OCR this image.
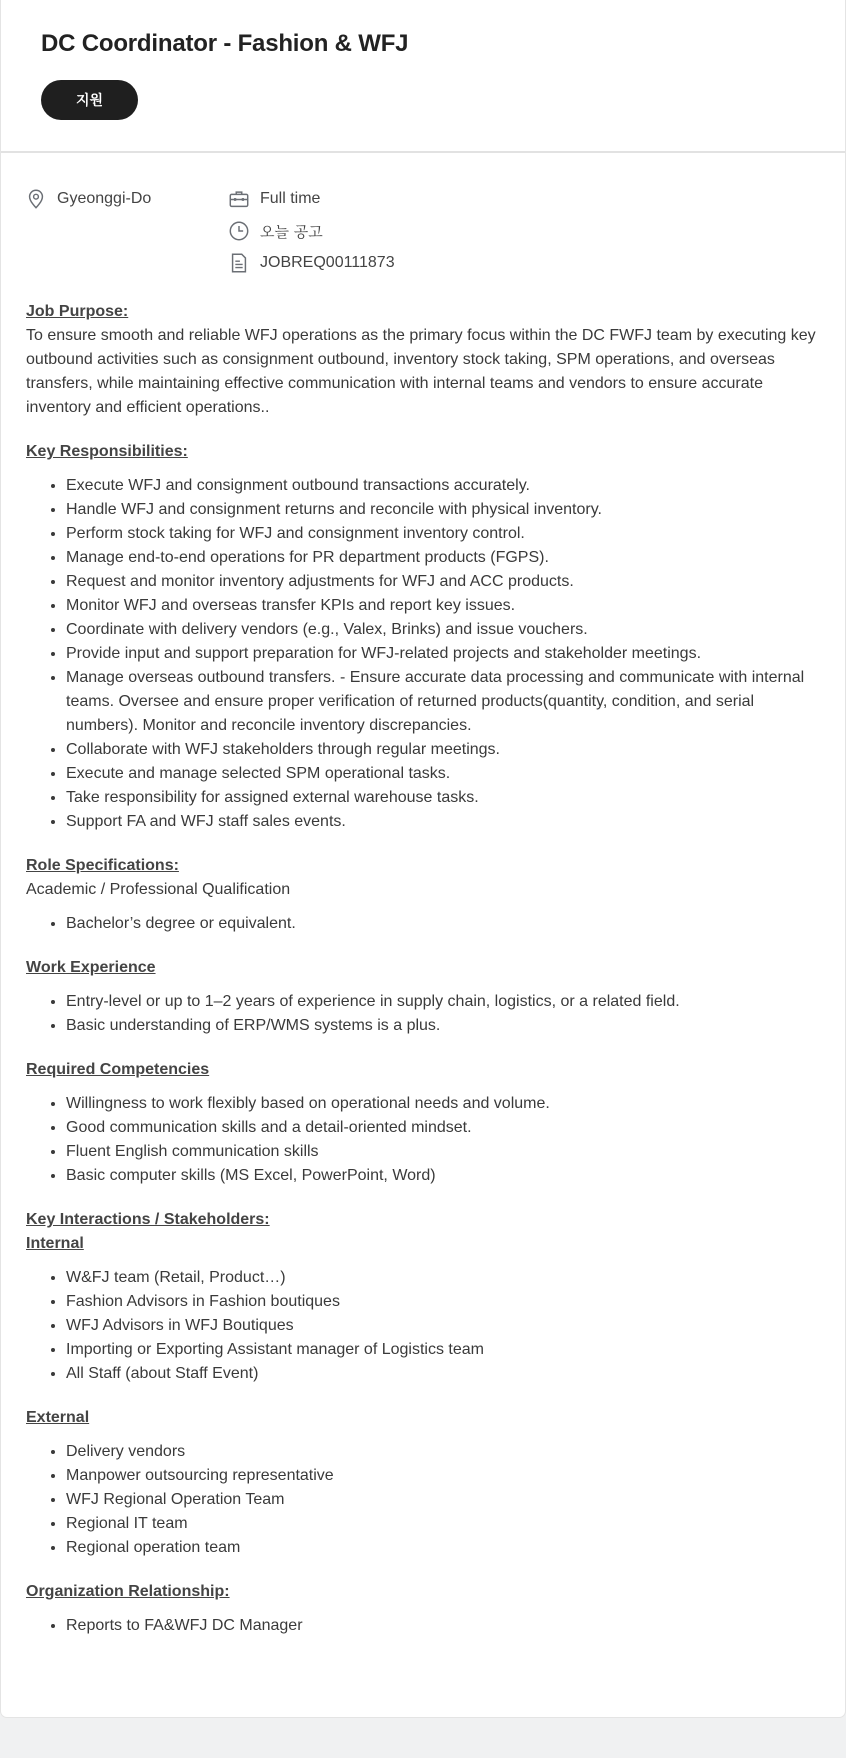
DC Coordinator - Fashion & WFJ
지원
Gyeonggi-Do	Full time
오늘 공고
JOBREQ00111873
Job Purpose:

To ensure smooth and reliable WFJ operations as the primary focus within the DC FWFJ team by executing key outbound activities such as consignment outbound, inventory stock taking, SPM operations, and overseas transfers, while maintaining effective communication with internal teams and vendors to ensure accurate inventory and efficient operations..

Key Responsibilities:
• Execute WFJ and consignment outbound transactions accurately.
• Handle WFJ and consignment returns and reconcile with physical inventory.
• Perform stock taking for WFJ and consignment inventory control.
• Manage end-to-end operations for PR department products (FGPS).
• Request and monitor inventory adjustments for WFJ and ACC products.
• Monitor WFJ and overseas transfer KPIs and report key issues.
• Coordinate with delivery vendors (e.g., Valex, Brinks) and issue vouchers.
• Provide input and support preparation for WFJ-related projects and stakeholder meetings.
• Manage overseas outbound transfers. - Ensure accurate data processing and communicate with internal teams. Oversee and ensure proper verification of returned products(quantity, condition, and serial numbers). Monitor and reconcile inventory discrepancies.
• Collaborate with WFJ stakeholders through regular meetings.
• Execute and manage selected SPM operational tasks.
• Take responsibility for assigned external warehouse tasks.
• Support FA and WFJ staff sales events.
Role Specifications:

Academic / Professional Qualification

• Bachelor’s degree or equivalent.
Work Experience
• Entry-level or up to 1–2 years of experience in supply chain, logistics, or a related field.
• Basic understanding of ERP/WMS systems is a plus.
Required Competencies
• Willingness to work flexibly based on operational needs and volume.
• Good communication skills and a detail-oriented mindset.
• Fluent English communication skills
• Basic computer skills (MS Excel, PowerPoint, Word)
Key Interactions / Stakeholders:
Internal
• W&FJ team (Retail, Product…)
• Fashion Advisors in Fashion boutiques
• WFJ Advisors in WFJ Boutiques
• Importing or Exporting Assistant manager of Logistics team
• All Staff (about Staff Event)
External
• Delivery vendors
• Manpower outsourcing representative
• WFJ Regional Operation Team
• Regional IT team
• Regional operation team
Organization Relationship:
• Reports to FA&WFJ DC Manager
